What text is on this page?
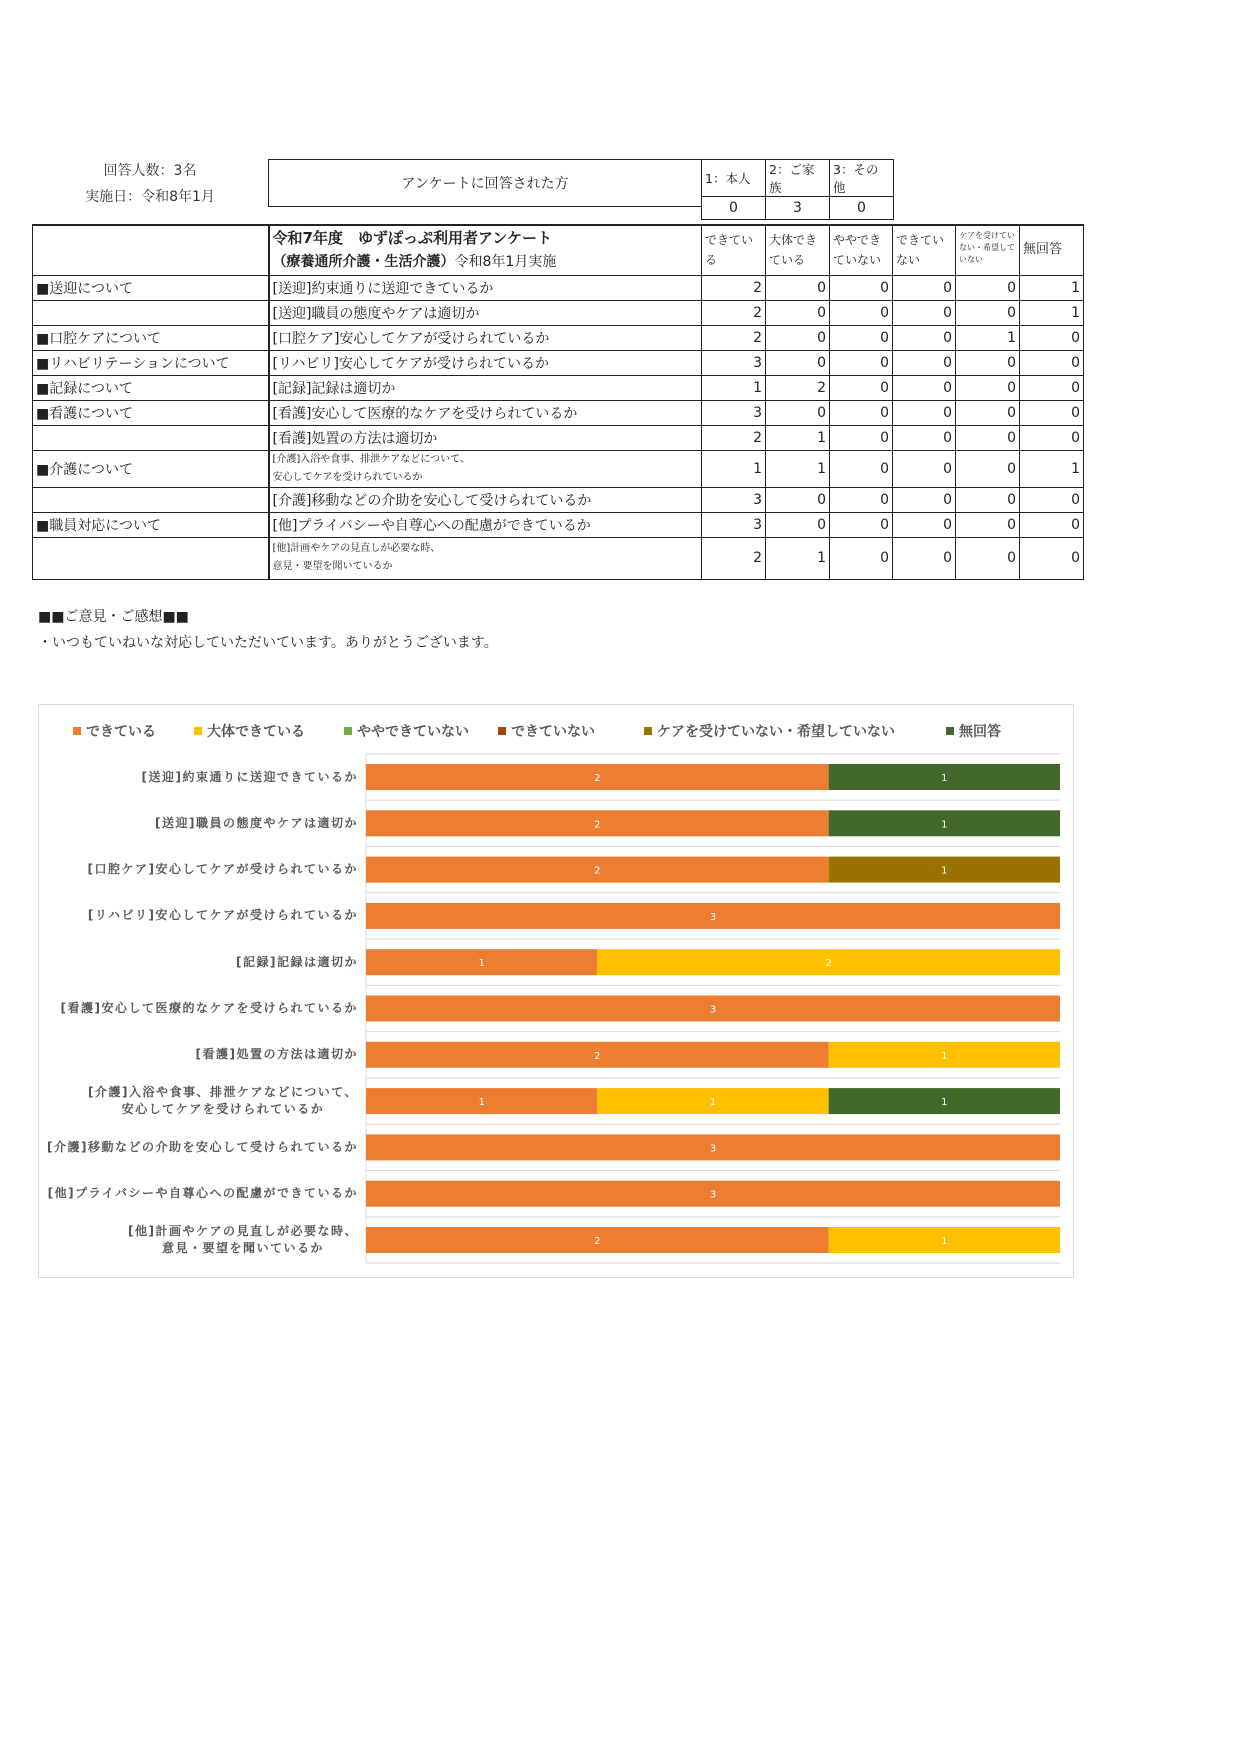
回答人数：3名
実施日：令和8年1月
アンケートに回答された方	1：本人	2：ご家族	3：その他
0	3	0

	令和7年度　ゆずぽっぷ利用者アンケート
（療養通所介護・生活介護）令和8年1月実施	できている	大体できている	ややできていない	できていない	ケアを受けていない・希望していない	無回答
■送迎について	[送迎]約束通りに送迎できているか	2	0	0	0	0	1
	[送迎]職員の態度やケアは適切か	2	0	0	0	0	1
■口腔ケアについて	[口腔ケア]安心してケアが受けられているか	2	0	0	0	1	0
■リハビリテーションについて	[リハビリ]安心してケアが受けられているか	3	0	0	0	0	0
■記録について	[記録]記録は適切か	1	2	0	0	0	0
■看護について	[看護]安心して医療的なケアを受けられているか	3	0	0	0	0	0
	[看護]処置の方法は適切か	2	1	0	0	0	0
■介護について	[介護]入浴や食事、排泄ケアなどについて、
安心してケアを受けられているか	1	1	0	0	0	1
	[介護]移動などの介助を安心して受けられているか	3	0	0	0	0	0
■職員対応について	[他]プライバシーや自尊心への配慮ができているか	3	0	0	0	0	0

	[他]計画やケアの見直しが必要な時、
意見・要望を聞いているか	2	1	0	0	0	0
■■ご意見・ご感想■■
・いつもていねいな対応していただいています。ありがとうございます。
できている	大体できている	ややできていない	できていない	ケアを受けていない・希望していない	無回答
2	1
2	1
2	1
3
1	2
3
2	1
1	1	1
3
3
2	1
[送迎]約束通りに送迎できているか
[送迎]職員の態度やケアは適切か
[口腔ケア]安心してケアが受けられているか
[リハビリ]安心してケアが受けられているか
[記録]記録は適切か
[看護]安心して医療的なケアを受けられているか
[看護]処置の方法は適切か
[介護]入浴や食事、排泄ケアなどについて、
安心してケアを受けられているか
[介護]移動などの介助を安心して受けられているか
[他]プライバシーや自尊心への配慮ができているか
[他]計画やケアの見直しが必要な時、
意見・要望を聞いているか
